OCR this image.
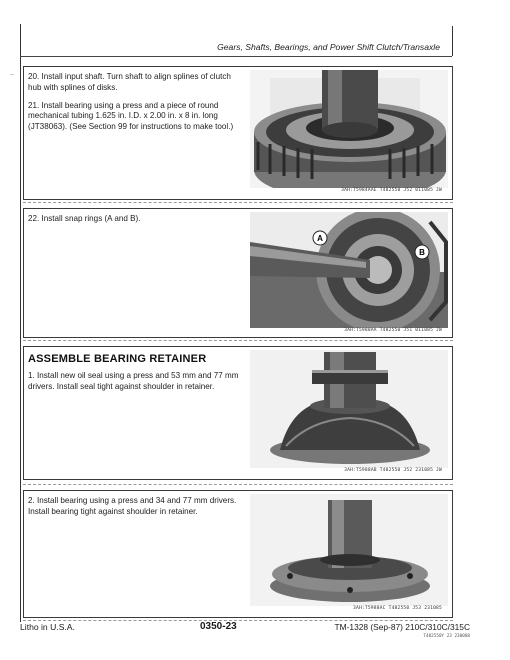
Gears, Shafts, Bearings, and Power Shift Clutch/Transaxle
~ 20. Install input shaft. Turn shaft to align splines of clutch hub with splines of disks.

21. Install bearing using a press and a piece of round mechanical tubing 1.625 in. I.D. x 2.00 in. x 8 in. long (JT38063). (See Section 99 for instructions to make tool.)

3AH:T5984AAE T482550 J52 011085 JW

22. Install snap rings (A and B).

A
B
3AH:T5988AA T482550 J51 011085 JW
ASSEMBLE BEARING RETAINER

1. Install new oil seal using a press and 53 mm and 77 mm drivers. Install seal tight against shoulder in retainer.

3AH:T5988AB T482550 J52 231085 JW

2. Install bearing using a press and 34 and 77 mm drivers. Install bearing tight against shoulder in retainer.

3AH:T5988AC T482550 J53 231085
Litho in U.S.A.	0350-23	TM-1328 (Sep-87) 210C/310C/315C
T482550Y 23 230088
